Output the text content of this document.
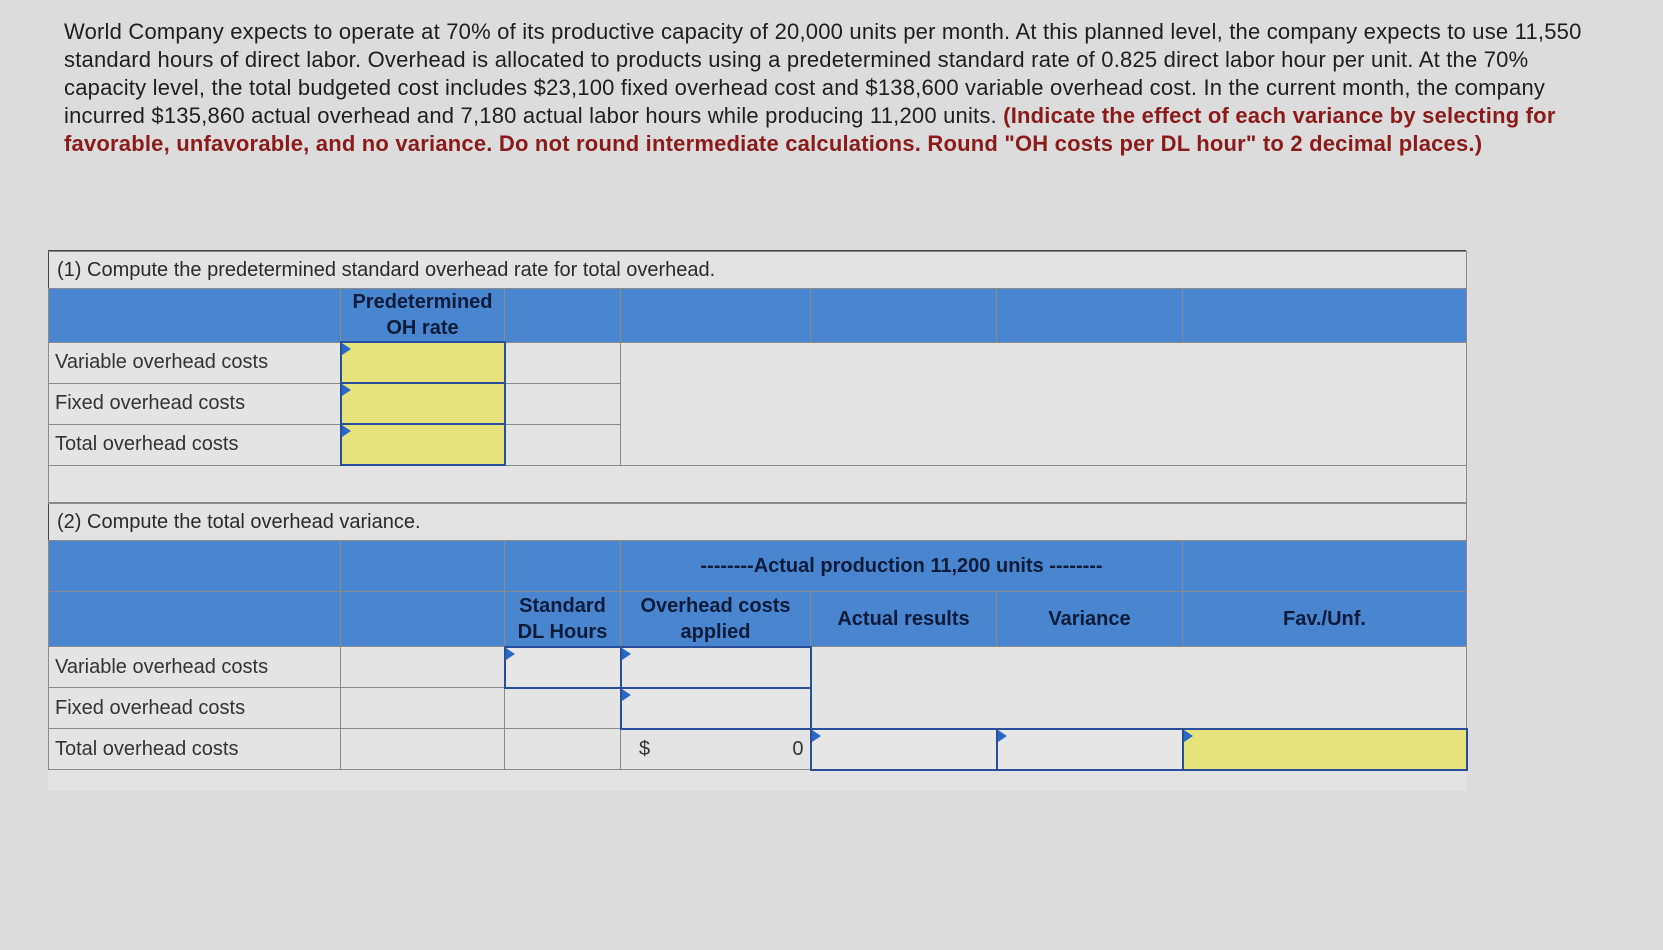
World Company expects to operate at 70% of its productive capacity of 20,000 units per month. At this planned level, the company expects to use 11,550 standard hours of direct labor. Overhead is allocated to products using a predetermined standard rate of 0.825 direct labor hour per unit. At the 70% capacity level, the total budgeted cost includes $23,100 fixed overhead cost and $138,600 variable overhead cost. In the current month, the company incurred $135,860 actual overhead and 7,180 actual labor hours while producing 11,200 units. (Indicate the effect of each variance by selecting for favorable, unfavorable, and no variance. Do not round intermediate calculations. Round "OH costs per DL hour" to 2 decimal places.)
(1) Compute the predetermined standard overhead rate for total overhead.						
	Predetermined OH rate					
Variable overhead costs				

Fixed overhead costs					

Total overhead costs					

(2) Compute the total overhead variance.						
			--------Actual production 11,200 units --------			
		Standard DL Hours	Overhead costs applied	Actual results	Variance	Fav./Unf.
Variable overhead costs				

Fixed overhead costs						

Total overhead costs			$ 0			
